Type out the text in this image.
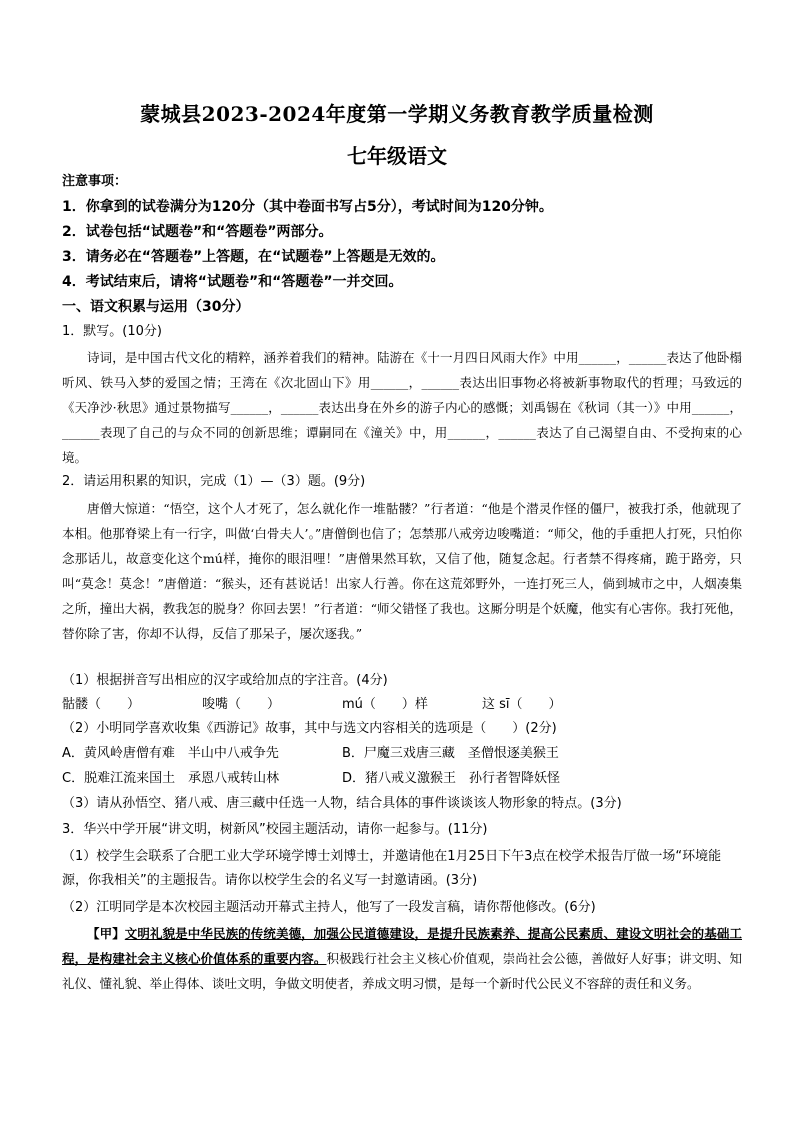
蒙城县2023-2024年度第一学期义务教育教学质量检测
七年级语文
注意事项：
1．你拿到的试卷满分为120分（其中卷面书写占5分），考试时间为120分钟。
2．试卷包括“试题卷”和“答题卷”两部分。
3．请务必在“答题卷”上答题，在“试题卷”上答题是无效的。
4．考试结束后，请将“试题卷”和“答题卷”一并交回。
一、语文积累与运用（30分）
1．默写。(10分)

诗词，是中国古代文化的精粹，涵养着我们的精神。陆游在《十一月四日风雨大作》中用______，______表达了他卧榻听风、铁马入梦的爱国之情；王湾在《次北固山下》用______，______表达出旧事物必将被新事物取代的哲理；马致远的《天净沙·秋思》通过景物描写______，______表达出身在外乡的游子内心的感慨；刘禹锡在《秋词（其一）》中用______，______表现了自己的与众不同的创新思维；谭嗣同在《潼关》中，用______，______表达了自己渴望自由、不受拘束的心境。

2．请运用积累的知识，完成（1）—（3）题。(9分)

唐僧大惊道：“悟空，这个人才死了，怎么就化作一堆骷髅？”行者道：“他是个潜灵作怪的僵尸，被我打杀，他就现了本相。他那脊梁上有一行字，叫做‘白骨夫人’。”唐僧倒也信了；怎禁那八戒旁边唆嘴道：“师父，他的手重把人打死，只怕你念那话儿，故意变化这个mú样，掩你的眼泪哩！”唐僧果然耳软，又信了他，随复念起。行者禁不得疼痛，跪于路旁，只叫“莫念！莫念！”唐僧道：“猴头，还有甚说话！出家人行善。你在这荒郊野外，一连打死三人，倘到城市之中，人烟凑集之所，撞出大祸，教我怎的脱身？你回去罢！”行者道：“师父错怪了我也。这厮分明是个妖魔，他实有心害你。我打死他，替你除了害，你却不认得，反信了那呆子，屡次逐我。”

（1）根据拼音写出相应的汉字或给加点的字注音。(4分)
骷髅（　　）	唆嘴（　　）	mú（　　）样	这 sī（　　）
（2）小明同学喜欢收集《西游记》故事，其中与选文内容相关的选项是（　　）(2分)
A．黄风岭唐僧有难　半山中八戒争先	B．尸魔三戏唐三藏　圣僧恨逐美猴王
C．脱难江流来国土　承恩八戒转山林	D．猪八戒义激猴王　孙行者智降妖怪
（3）请从孙悟空、猪八戒、唐三藏中任选一人物，结合具体的事件谈谈该人物形象的特点。(3分)
3．华兴中学开展“讲文明，树新风”校园主题活动，请你一起参与。(11分)
（1）校学生会联系了合肥工业大学环境学博士刘博士，并邀请他在1月25日下午3点在校学术报告厅做一场“环境能源，你我相关”的主题报告。请你以校学生会的名义写一封邀请函。(3分)
（2）江明同学是本次校园主题活动开幕式主持人，他写了一段发言稿，请你帮他修改。(6分)

【甲】文明礼貌是中华民族的传统美德，加强公民道德建设，是提升民族素养、提高公民素质、建设文明社会的基础工程，是构建社会主义核心价值体系的重要内容。积极践行社会主义核心价值观，崇尚社会公德，善做好人好事；讲文明、知礼仪、懂礼貌、举止得体、谈吐文明，争做文明使者，养成文明习惯，是每一个新时代公民义不容辞的责任和义务。
